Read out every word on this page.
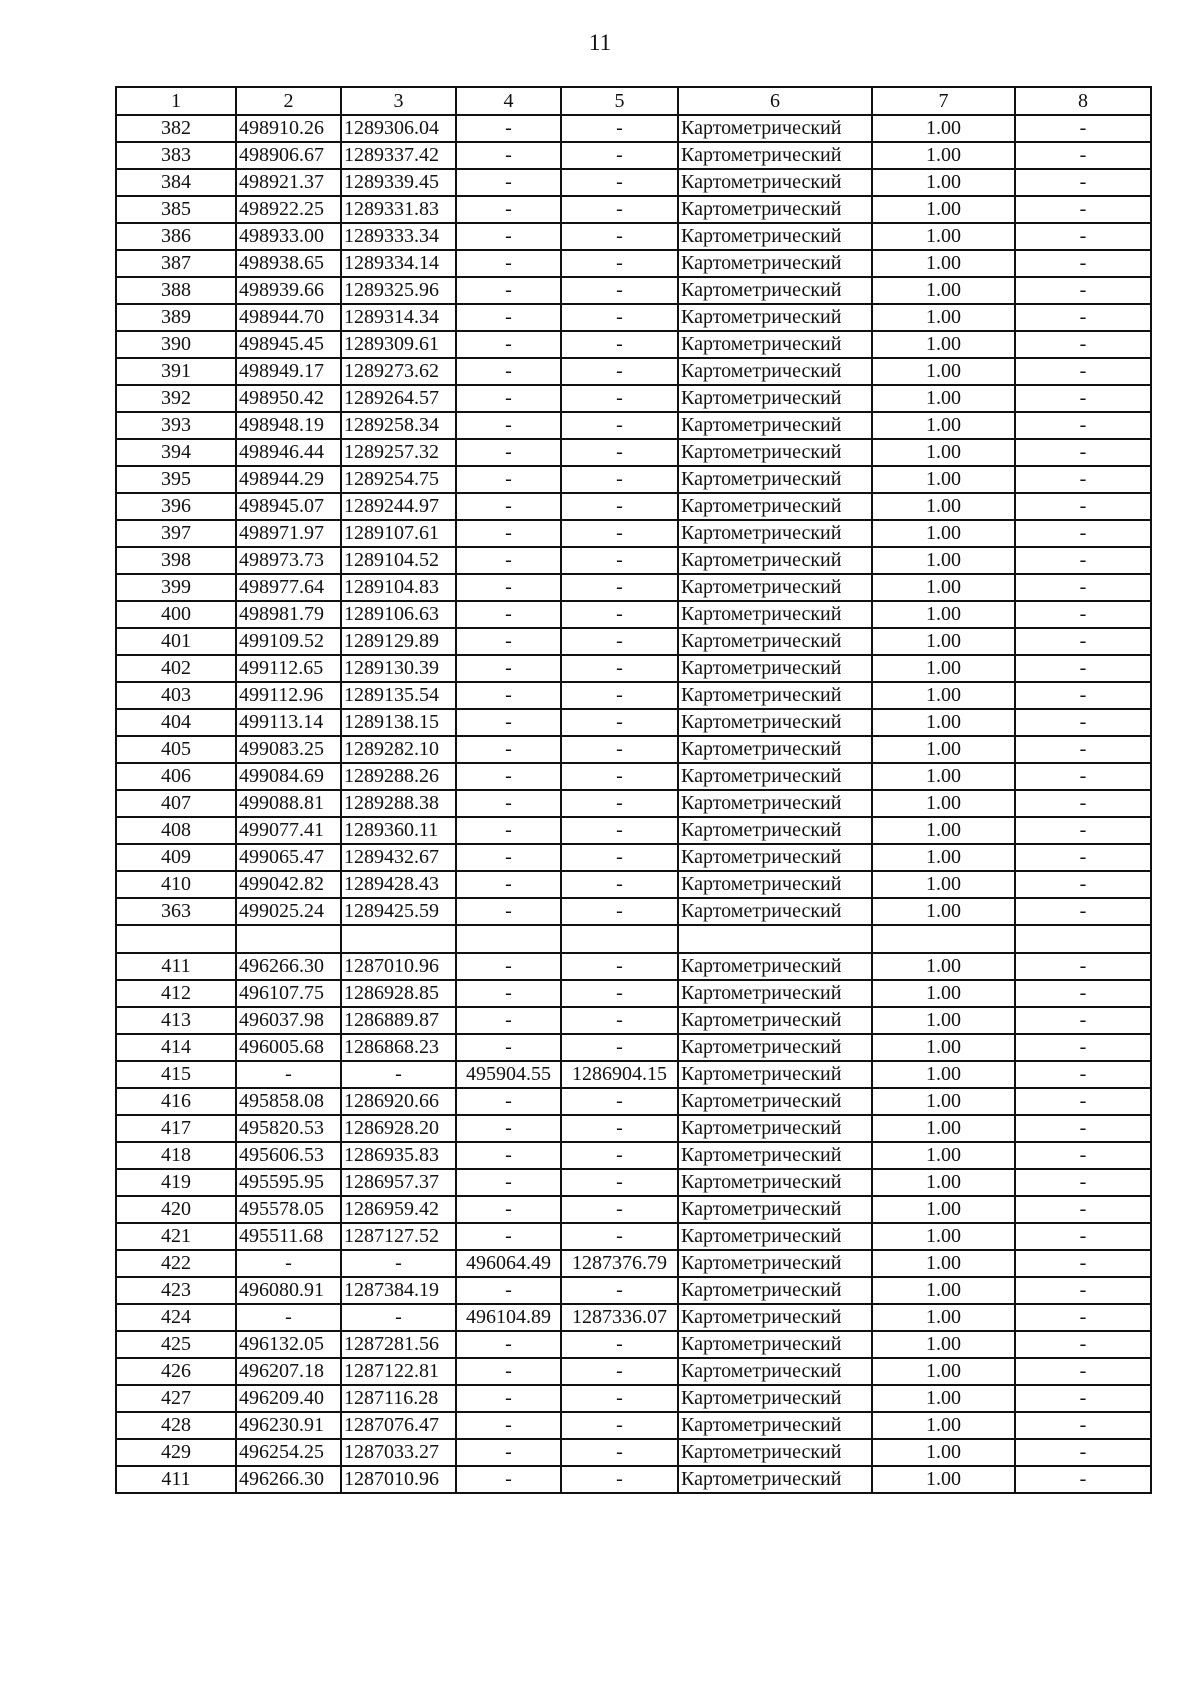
11
1	2	3	4	5	6	7	8
382	498910.26	1289306.04	-	-	Картометрический	1.00	-
383	498906.67	1289337.42	-	-	Картометрический	1.00	-
384	498921.37	1289339.45	-	-	Картометрический	1.00	-
385	498922.25	1289331.83	-	-	Картометрический	1.00	-
386	498933.00	1289333.34	-	-	Картометрический	1.00	-
387	498938.65	1289334.14	-	-	Картометрический	1.00	-
388	498939.66	1289325.96	-	-	Картометрический	1.00	-
389	498944.70	1289314.34	-	-	Картометрический	1.00	-
390	498945.45	1289309.61	-	-	Картометрический	1.00	-
391	498949.17	1289273.62	-	-	Картометрический	1.00	-
392	498950.42	1289264.57	-	-	Картометрический	1.00	-
393	498948.19	1289258.34	-	-	Картометрический	1.00	-
394	498946.44	1289257.32	-	-	Картометрический	1.00	-
395	498944.29	1289254.75	-	-	Картометрический	1.00	-
396	498945.07	1289244.97	-	-	Картометрический	1.00	-
397	498971.97	1289107.61	-	-	Картометрический	1.00	-
398	498973.73	1289104.52	-	-	Картометрический	1.00	-
399	498977.64	1289104.83	-	-	Картометрический	1.00	-
400	498981.79	1289106.63	-	-	Картометрический	1.00	-
401	499109.52	1289129.89	-	-	Картометрический	1.00	-
402	499112.65	1289130.39	-	-	Картометрический	1.00	-
403	499112.96	1289135.54	-	-	Картометрический	1.00	-
404	499113.14	1289138.15	-	-	Картометрический	1.00	-
405	499083.25	1289282.10	-	-	Картометрический	1.00	-
406	499084.69	1289288.26	-	-	Картометрический	1.00	-
407	499088.81	1289288.38	-	-	Картометрический	1.00	-
408	499077.41	1289360.11	-	-	Картометрический	1.00	-
409	499065.47	1289432.67	-	-	Картометрический	1.00	-
410	499042.82	1289428.43	-	-	Картометрический	1.00	-
363	499025.24	1289425.59	-	-	Картометрический	1.00	-

411	496266.30	1287010.96	-	-	Картометрический	1.00	-
412	496107.75	1286928.85	-	-	Картометрический	1.00	-
413	496037.98	1286889.87	-	-	Картометрический	1.00	-
414	496005.68	1286868.23	-	-	Картометрический	1.00	-
415	-	-	495904.55	1286904.15	Картометрический	1.00	-
416	495858.08	1286920.66	-	-	Картометрический	1.00	-
417	495820.53	1286928.20	-	-	Картометрический	1.00	-
418	495606.53	1286935.83	-	-	Картометрический	1.00	-
419	495595.95	1286957.37	-	-	Картометрический	1.00	-
420	495578.05	1286959.42	-	-	Картометрический	1.00	-
421	495511.68	1287127.52	-	-	Картометрический	1.00	-
422	-	-	496064.49	1287376.79	Картометрический	1.00	-
423	496080.91	1287384.19	-	-	Картометрический	1.00	-
424	-	-	496104.89	1287336.07	Картометрический	1.00	-
425	496132.05	1287281.56	-	-	Картометрический	1.00	-
426	496207.18	1287122.81	-	-	Картометрический	1.00	-
427	496209.40	1287116.28	-	-	Картометрический	1.00	-
428	496230.91	1287076.47	-	-	Картометрический	1.00	-
429	496254.25	1287033.27	-	-	Картометрический	1.00	-
411	496266.30	1287010.96	-	-	Картометрический	1.00	-
